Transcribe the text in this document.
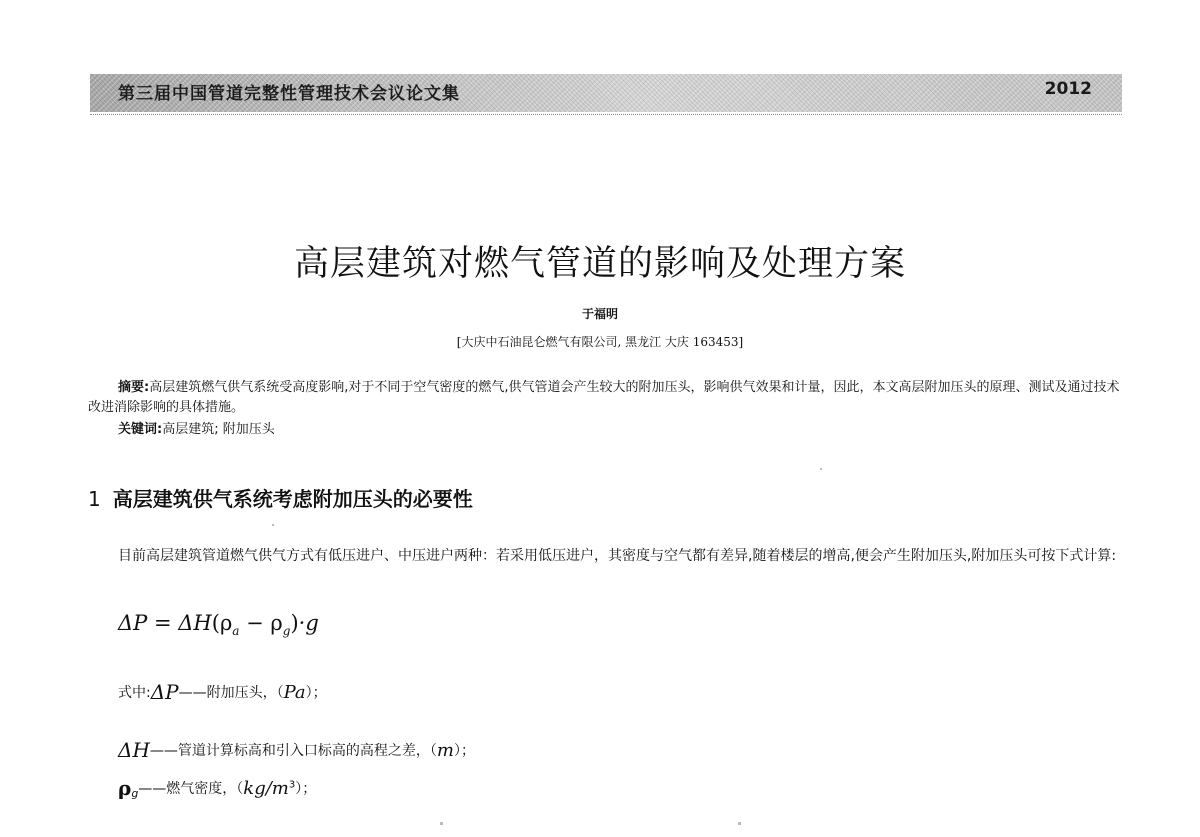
第三届中国管道完整性管理技术会议论文集	2012
高层建筑对燃气管道的影响及处理方案
于福明
[大庆中石油昆仑燃气有限公司, 黑龙江 大庆 163453]
摘要:高层建筑燃气供气系统受高度影响,对于不同于空气密度的燃气,供气管道会产生较大的附加压头，影响供气效果和计量，因此，本文高层附加压头的原理、测试及通过技术改进消除影响的具体措施。
关键词:高层建筑; 附加压头
1 高层建筑供气系统考虑附加压头的必要性
目前高层建筑管道燃气供气方式有低压进户、中压进户两种：若采用低压进户，其密度与空气都有差异,随着楼层的增高,便会产生附加压头,附加压头可按下式计算:
$\Delta P = \Delta H(\rho_a - \rho_g)\cdot g$
式中:ΔP——附加压头，（Pa）；
ΔH——管道计算标高和引入口标高的高程之差，（m）；
$\rho_g——$燃气密度，$(kg/m^3)$；
